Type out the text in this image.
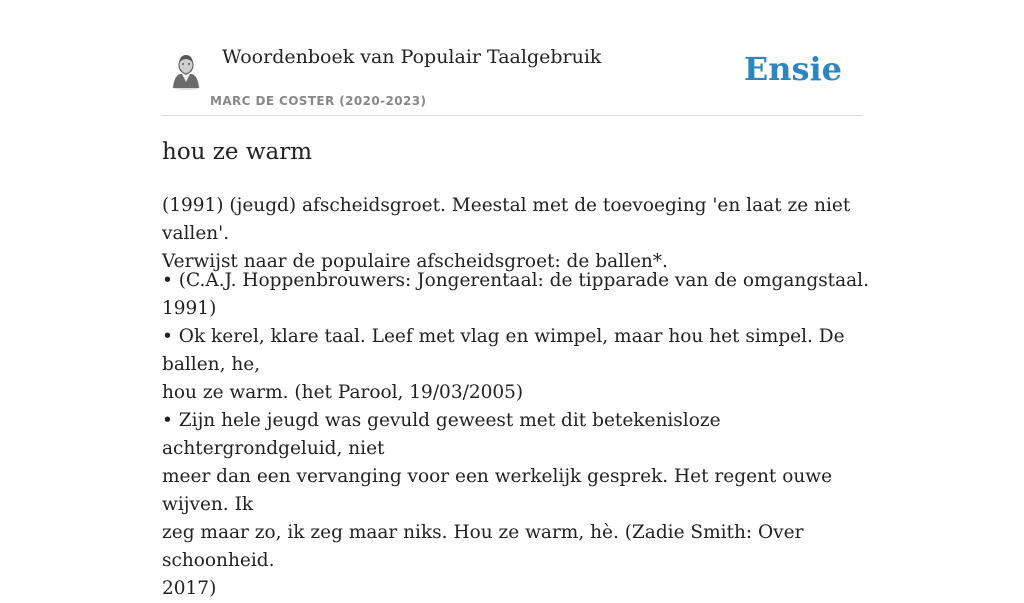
Woordenboek van Populair Taalgebruik
MARC DE COSTER (2020-2023)
Ensie
hou ze warm

(1991) (jeugd) afscheidsgroet. Meestal met de toevoeging 'en laat ze niet vallen'.

Verwijst naar de populaire afscheidsgroet: de ballen*.

• (C.A.J. Hoppenbrouwers: Jongerentaal: de tipparade van de omgangstaal. 1991)

• Ok kerel, klare taal. Leef met vlag en wimpel, maar hou het simpel. De ballen, he,

hou ze warm. (het Parool, 19/03/2005)

• Zijn hele jeugd was gevuld geweest met dit betekenisloze achtergrondgeluid, niet

meer dan een vervanging voor een werkelijk gesprek. Het regent ouwe wijven. Ik

zeg maar zo, ik zeg maar niks. Hou ze warm, hè. (Zadie Smith: Over schoonheid.

2017)
